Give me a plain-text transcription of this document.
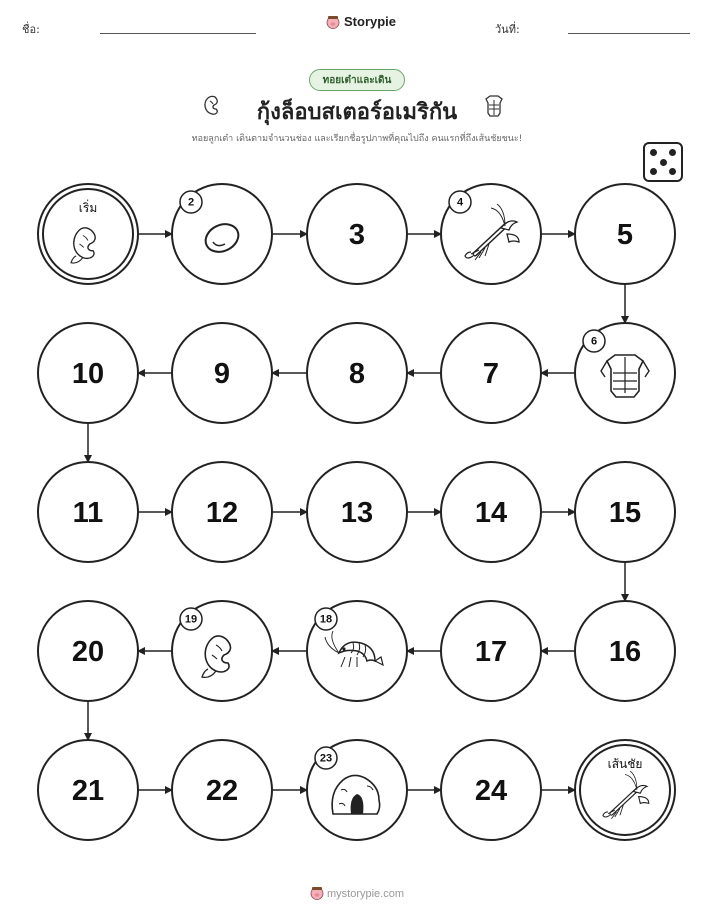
ชื่อ:	วันที่:
Storypie
ทอยเต๋าและเดิน
กุ้งล็อบสเตอร์อเมริกัน
ทอยลูกเต๋า เดินตามจำนวนช่อง และเรียกชื่อรูปภาพที่คุณไปถึง คนแรกที่ถึงเส้นชัยชนะ!
เริ่ม	2
3
4
5
6
7
8
9
10
11	12	13	14	15
16
17
18
19
20
21	22
23
24
เส้นชัย
mystorypie.com
